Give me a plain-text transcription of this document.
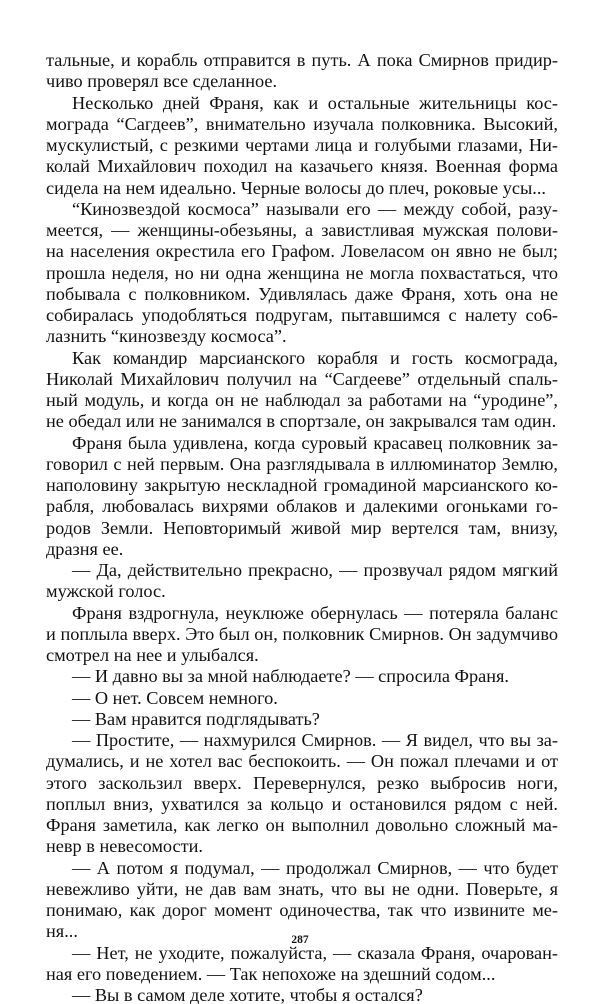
тальные, и корабль отправится в путь. А пока Смирнов придир-
чиво проверял все сделанное.
Несколько дней Франя, как и остальные жительницы кос-
мограда “Сагдеев”, внимательно изучала полковника. Высокий,
мускулистый, с резкими чертами лица и голубыми глазами, Ни-
колай Михайлович походил на казачьего князя. Военная форма
сидела на нем идеально. Черные волосы до плеч, роковые усы...
“Кинозвездой космоса” называли его — между собой, разу-
меется, — женщины-обезьяны, а завистливая мужская полови-
на населения окрестила его Графом. Ловеласом он явно не был;
прошла неделя, но ни одна женщина не могла похвастаться, что
побывала с полковником. Удивлялась даже Франя, хоть она не
собиралась уподобляться подругам, пытавшимся с налету со6-
лазнить “кинозвезду космоса”.
Как командир марсианского корабля и гость космограда,
Николай Михайлович получил на “Сагдееве” отдельный спаль-
ный модуль, и когда он не наблюдал за работами на “уродине”,
не обедал или не занимался в спортзале, он закрывался там один.
Франя была удивлена, когда суровый красавец полковник за-
говорил с ней первым. Она разглядывала в иллюминатор Землю,
наполовину закрытую нескладной громадиной марсианского ко-
рабля, любовалась вихрями облаков и далекими огоньками го-
родов Земли. Неповторимый живой мир вертелся там, внизу,
дразня ее.
— Да, действительно прекрасно, — прозвучал рядом мягкий
мужской голос.
Франя вздрогнула, неуклюже обернулась — потеряла баланс
и поплыла вверх. Это был он, полковник Смирнов. Он задумчиво
смотрел на нее и улыбался.
— И давно вы за мной наблюдаете? — спросила Франя.
— О нет. Совсем немного.
— Вам нравится подглядывать?
— Простите, — нахмурился Смирнов. — Я видел, что вы за-
думались, и не хотел вас беспокоить. — Он пожал плечами и от
этого заскользил вверх. Перевернулся, резко выбросив ноги,
поплыл вниз, ухватился за кольцо и остановился рядом с ней.
Франя заметила, как легко он выполнил довольно сложный ма-
невр в невесомости.
— А потом я подумал, — продолжал Смирнов, — что будет
невежливо уйти, не дав вам знать, что вы не одни. Поверьте, я
понимаю, как дорог момент одиночества, так что извините ме-
ня...
— Нет, не уходите, пожалуйста, — сказала Франя, очарован-
ная его поведением. — Так непохоже на здешний содом...
— Вы в самом деле хотите, чтобы я остался?
287
